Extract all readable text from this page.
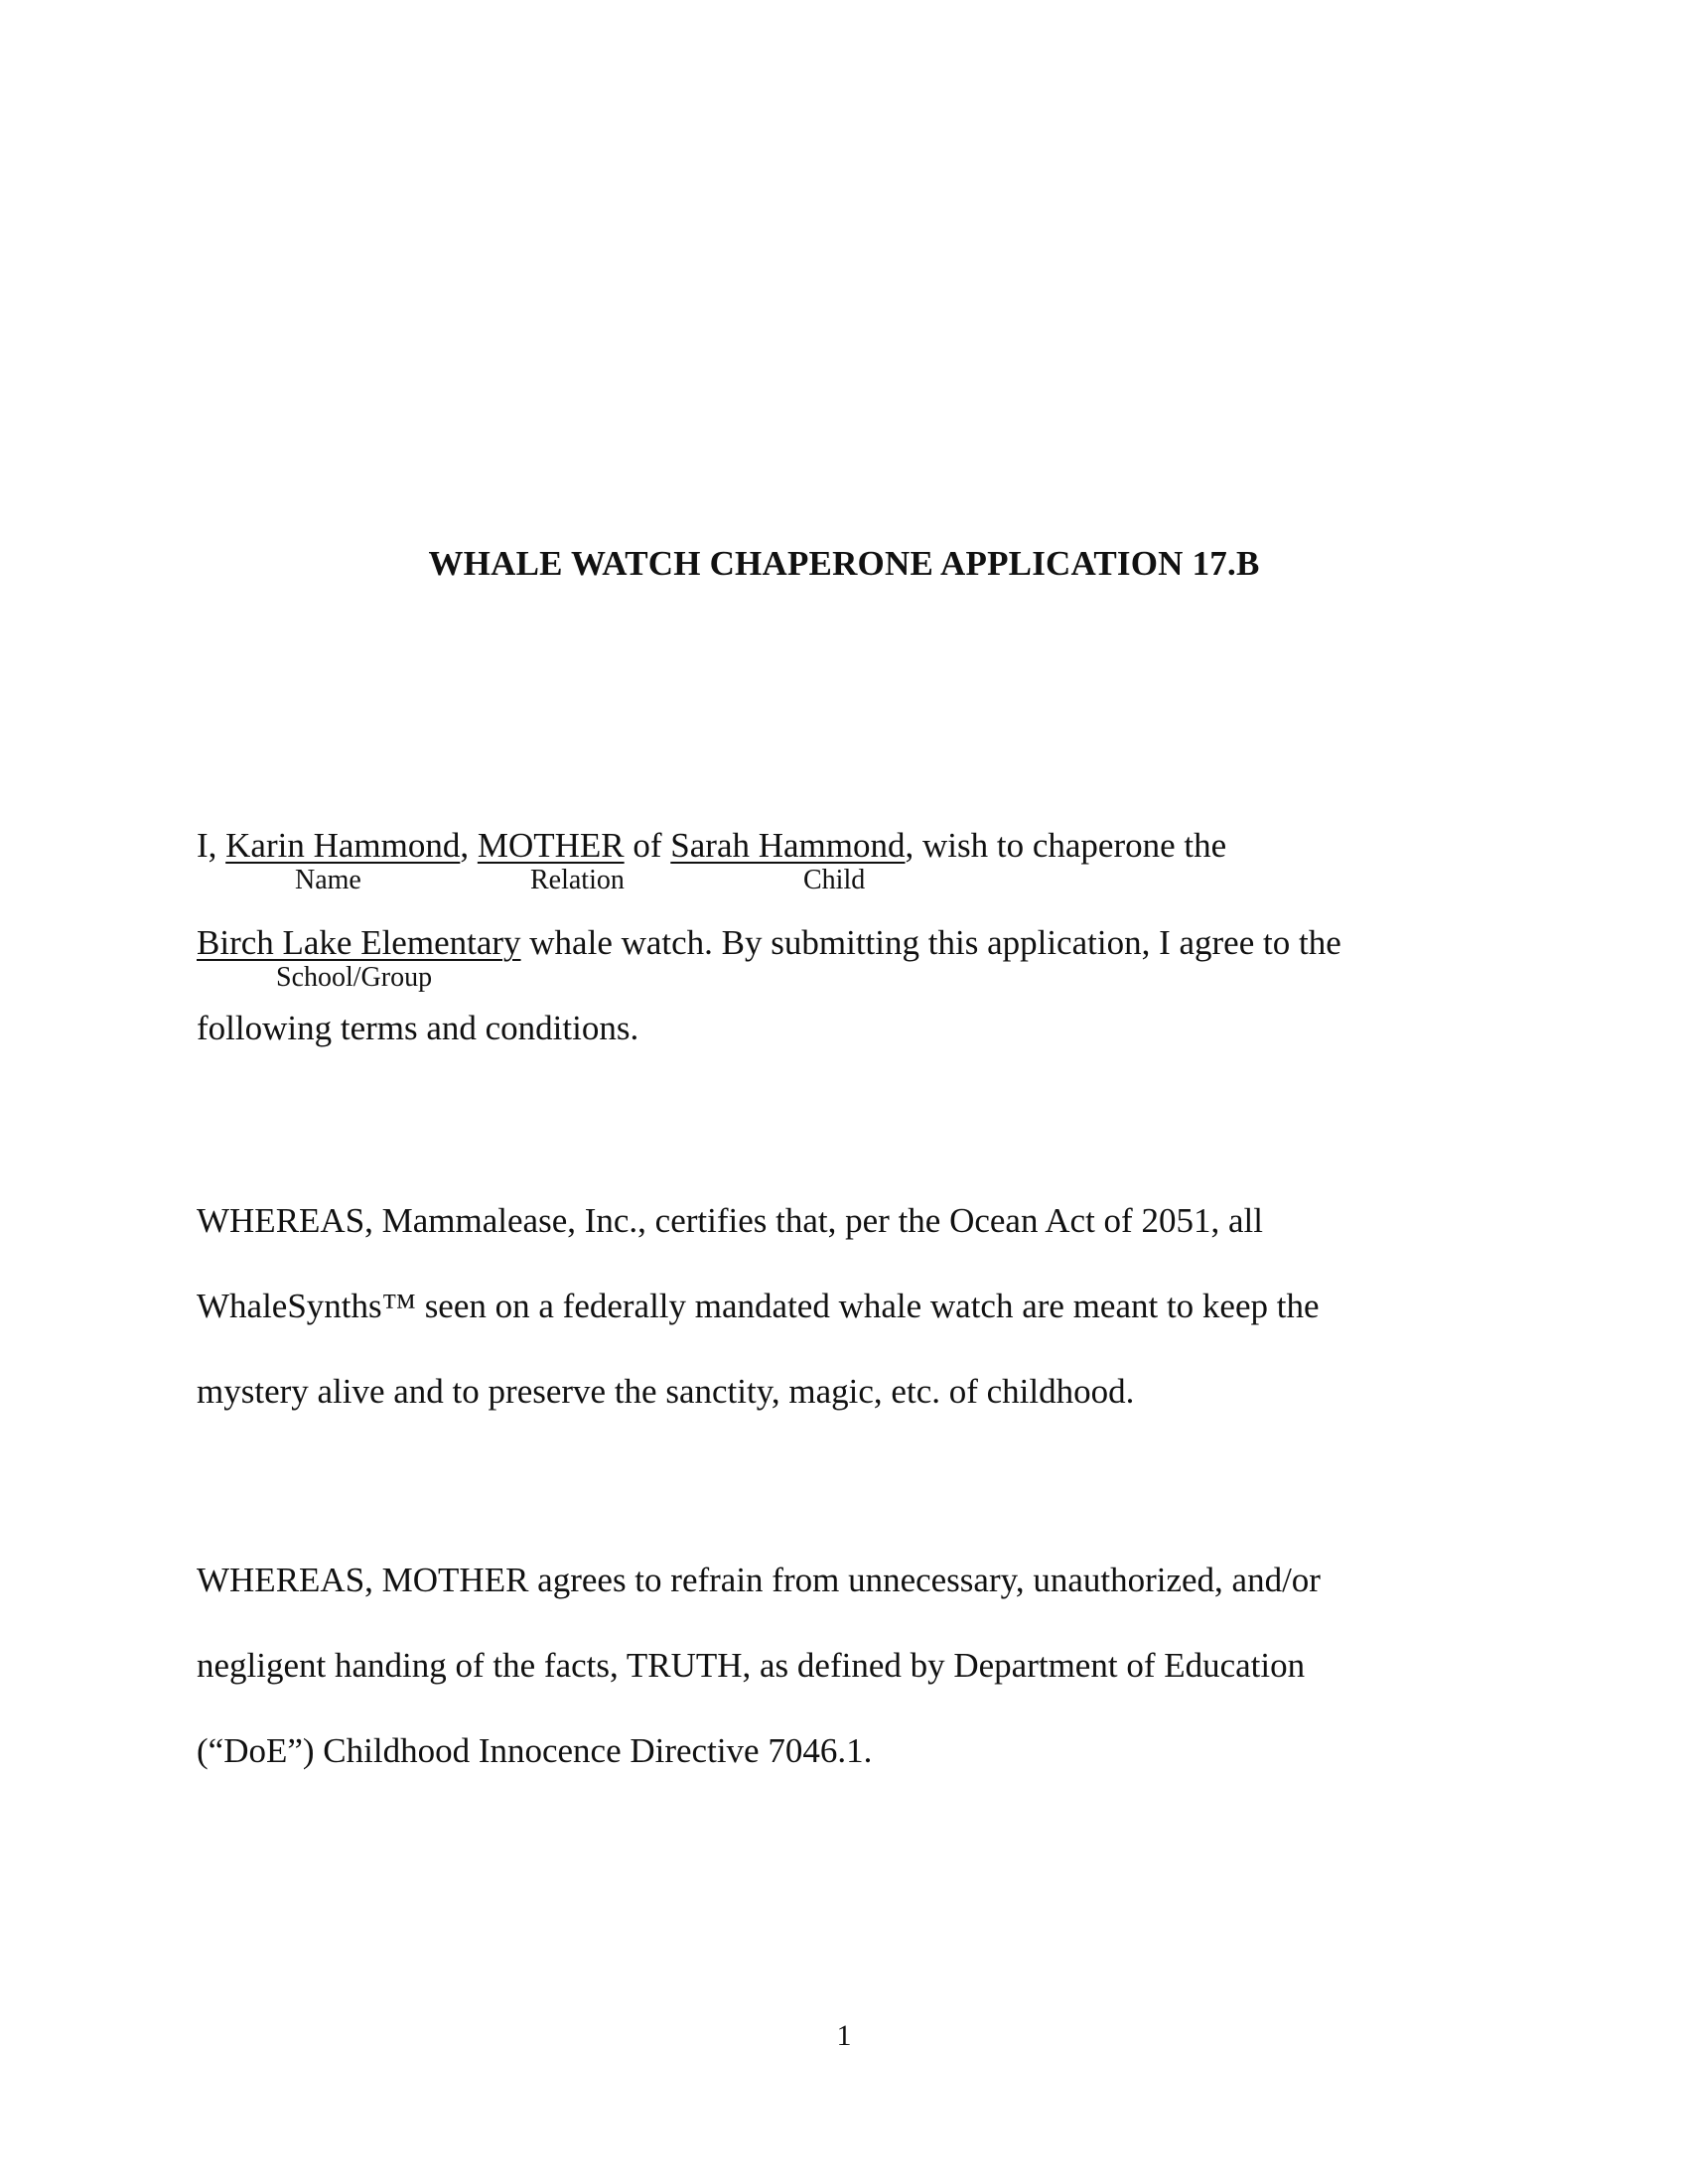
WHALE WATCH CHAPERONE APPLICATION 17.B
I, Karin Hammond, MOTHER of Sarah Hammond, wish to chaperone the
Name	Relation	Child
Birch Lake Elementary whale watch. By submitting this application, I agree to the
School/Group
following terms and conditions.
WHEREAS, Mammalease, Inc., certifies that, per the Ocean Act of 2051, all
WhaleSynths™ seen on a federally mandated whale watch are meant to keep the
mystery alive and to preserve the sanctity, magic, etc. of childhood.
WHEREAS, MOTHER agrees to refrain from unnecessary, unauthorized, and/or
negligent handing of the facts, TRUTH, as defined by Department of Education
(“DoE”) Childhood Innocence Directive 7046.1.
1
